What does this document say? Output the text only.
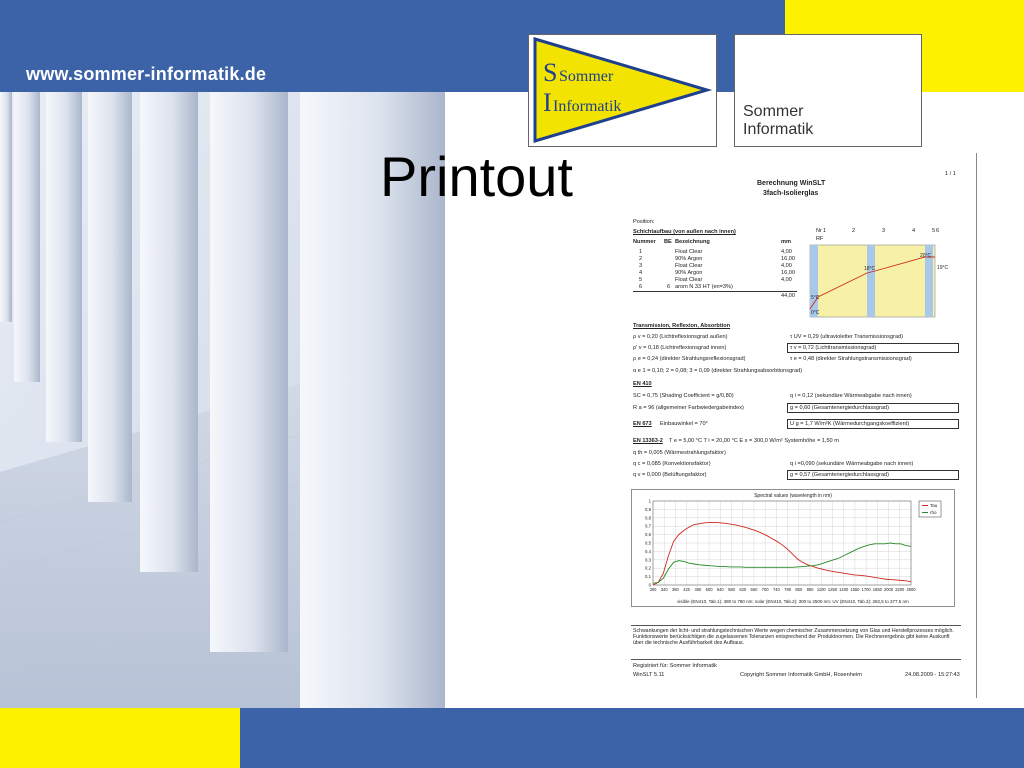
www.sommer-informatik.de	S Sommer
I Informatik	Sommer
Informatik
Printout	1 / 1
Berechnung WinSLT
3fach-Isolierglas
Position:
Schichtaufbau (von außen nach innen)
Nummer BE Bezeichnung	mm
1	Float Clear	4,00
2	90% Argon	16,00
3	Float Clear	4,00
4	90% Argon	16,00
5	Float Clear	4,00
6	6 arom N 33 HT (en=3%)
44,00
Nr
RF
1	2	3	4	5 6
20°C
5°C
0°C
18°C	19°C
Transmission, Reflexion, Absorbtion
ρ v = 0,20 (Lichtreflexionsgrad außen)	τ UV = 0,29 (ultravioletter Transmissionsgrad)
ρ' v = 0,18 (Lichtreflexionsgrad innen)	τ v = 0,72 (Lichttransmissionsgrad)
ρ e = 0,24 (direkter Strahlungsreflexionsgrad)	τ e = 0,48 (direkter Strahlungstransmissionsgrad)
α e 1 = 0,10; 2 = 0,08; 3 = 0,09 (direkter Strahlungsabsorbtionsgrad)
EN 410
SC = 0,75 (Shading Coefficient = g/0,80)	q i = 0,12 (sekundäre Wärmeabgabe nach innen)
R a = 96 (allgemeiner Farbwiedergabeindex)	g = 0,60 (Gesamtenergiedurchlassgrad)
EN 673 Einbauwinkel = 70°	U g = 1,7 W/m²K (Wärmedurchgangskoeffizient)
EN 13363-2 T e = 5,00 °C T i = 20,00 °C E s = 300,0 W/m² Systemhöhe = 1,50 m
q th = 0,005 (Wärmestrahlungsfaktor)
q c = 0,085 (Konvektionsfaktor)	q i =0,090 (sekundäre Wärmeabgabe nach innen)
q v = 0,000 (Belüftungsfaktor)	g = 0,57 (Gesamtenergiedurchlassgrad)
Spectral values (wavelength in nm)
0
0,1
0,2
0,3
0,4
0,5
0,6
0,7
0,8
0,9
1
300 340 380 420 460 500 540 580 620 660 700 740 780 850 950 1100 1250 1400 1550 1700 1850 2000 2200 2500
Tau
rho
visible (EN410, Tab.1): 380 to 780 nm; solar (EN410, Tab.2): 300 to 2500 nm; UV (EN410, Tab.3): 282,5 to 377,5 nm
Schwankungen der licht- und strahlungstechnischen Werte wegen chemischer Zusammensetzung von Glas und Herstellprozesses möglich. Funktionswerte berücksichtigen die zugelassenen Toleranzen entsprechend der Produktnormen. Die Rechnerergebnis gibt keine Auskunft über die technische Ausführbarkeit des Aufbaus.
Registriert für: Sommer Informatik
WinSLT 5.11	Copyright Sommer Informatik GmbH, Rosenheim	24.08.2009 - 15:27:43
